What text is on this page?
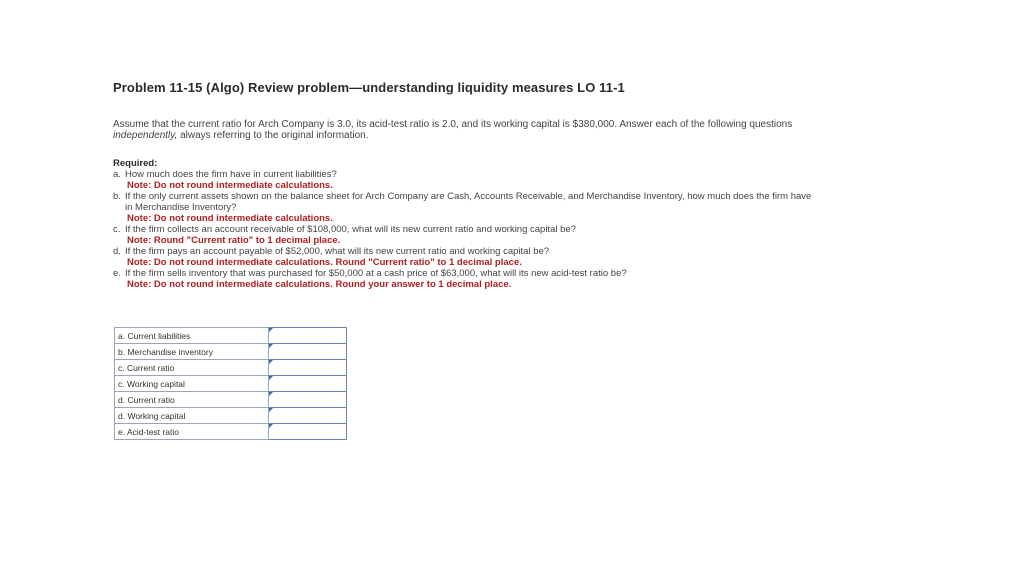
Problem 11-15 (Algo) Review problem—understanding liquidity measures LO 11-1
Assume that the current ratio for Arch Company is 3.0, its acid-test ratio is 2.0, and its working capital is $380,000. Answer each of the following questions independently, always referring to the original information.
Required:
a. How much does the firm have in current liabilities?
Note: Do not round intermediate calculations.
b. If the only current assets shown on the balance sheet for Arch Company are Cash, Accounts Receivable, and Merchandise Inventory, how much does the firm have in Merchandise Inventory?
Note: Do not round intermediate calculations.
c. If the firm collects an account receivable of $108,000, what will its new current ratio and working capital be?
Note: Round "Current ratio" to 1 decimal place.
d. If the firm pays an account payable of $52,000, what will its new current ratio and working capital be?
Note: Do not round intermediate calculations. Round "Current ratio" to 1 decimal place.
e. If the firm sells inventory that was purchased for $50,000 at a cash price of $63,000, what will its new acid-test ratio be?
Note: Do not round intermediate calculations. Round your answer to 1 decimal place.
a. Current liabilities	

b. Merchandise inventory	

c. Current ratio	

c. Working capital	

d. Current ratio	

d. Working capital	

e. Acid-test ratio	
